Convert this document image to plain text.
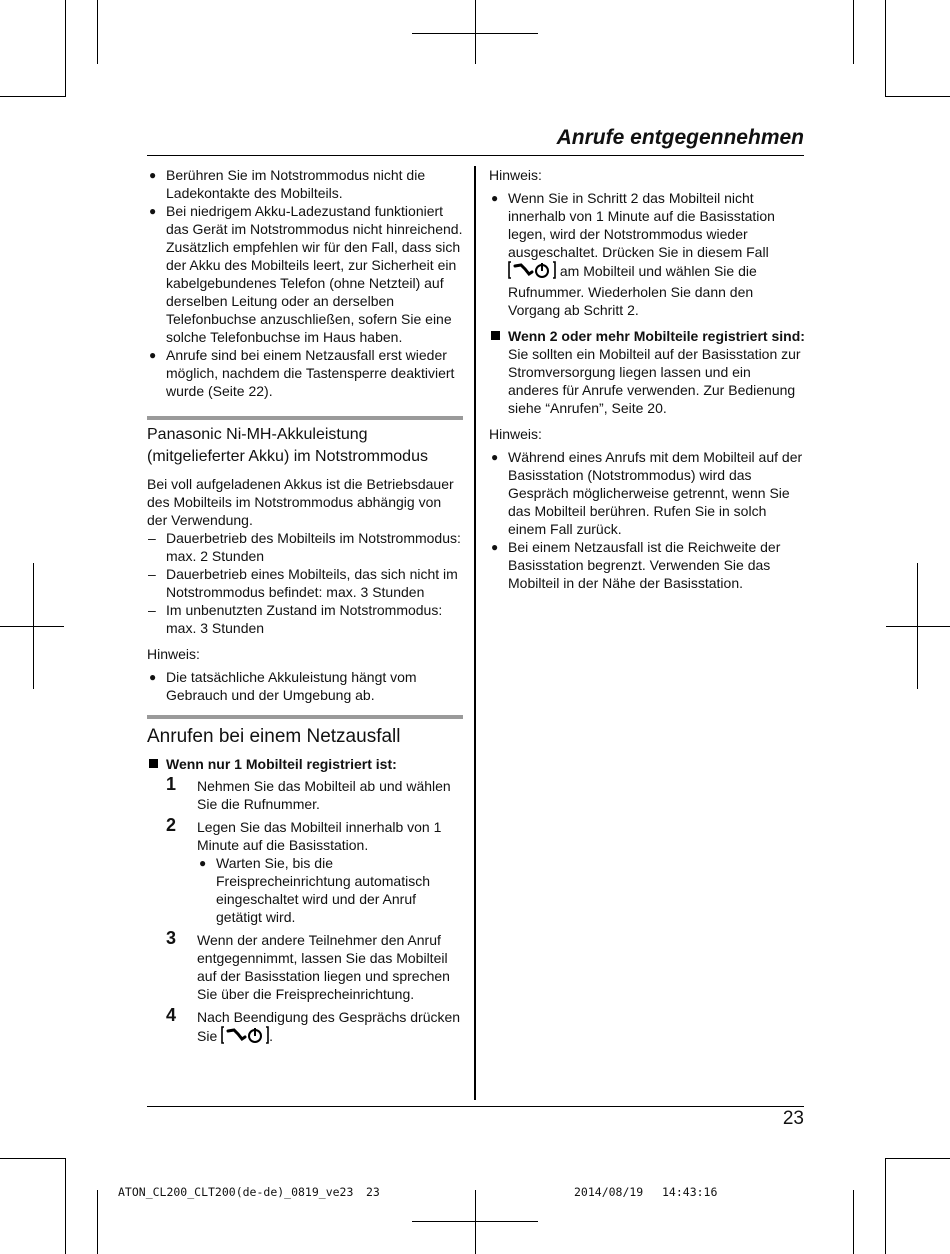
Anrufe entgegennehmen
● Berühren Sie im Notstrommodus nicht die Ladekontakte des Mobilteils.
● Bei niedrigem Akku-Ladezustand funktioniert das Gerät im Notstrommodus nicht hinreichend. Zusätzlich empfehlen wir für den Fall, dass sich der Akku des Mobilteils leert, zur Sicherheit ein kabelgebundenes Telefon (ohne Netzteil) auf derselben Leitung oder an derselben Telefonbuchse anzuschließen, sofern Sie eine solche Telefonbuchse im Haus haben.
● Anrufe sind bei einem Netzausfall erst wieder möglich, nachdem die Tastensperre deaktiviert wurde (Seite 22).
Panasonic Ni-MH-Akkuleistung (mitgelieferter Akku) im Notstrommodus
Bei voll aufgeladenen Akkus ist die Betriebsdauer des Mobilteils im Notstrommodus abhängig von der Verwendung.
– Dauerbetrieb des Mobilteils im Notstrommodus: max. 2 Stunden
– Dauerbetrieb eines Mobilteils, das sich nicht im Notstrommodus befindet: max. 3 Stunden
– Im unbenutzten Zustand im Notstrommodus: max. 3 Stunden
Hinweis:
● Die tatsächliche Akkuleistung hängt vom Gebrauch und der Umgebung ab.
Anrufen bei einem Netzausfall
Wenn nur 1 Mobilteil registriert ist:
1 Nehmen Sie das Mobilteil ab und wählen Sie die Rufnummer.
2 Legen Sie das Mobilteil innerhalb von 1 Minute auf die Basisstation.
● Warten Sie, bis die Freisprecheinrichtung automatisch eingeschaltet wird und der Anruf getätigt wird.
3 Wenn der andere Teilnehmer den Anruf entgegennimmt, lassen Sie das Mobilteil auf der Basisstation liegen und sprechen Sie über die Freisprecheinrichtung.
4 Nach Beendigung des Gesprächs drücken Sie	.
Hinweis:
● Wenn Sie in Schritt 2 das Mobilteil nicht innerhalb von 1 Minute auf die Basisstation legen, wird der Notstrommodus wieder ausgeschaltet. Drücken Sie in diesem Fall  am Mobilteil und wählen Sie die Rufnummer. Wiederholen Sie dann den Vorgang ab Schritt 2.
Wenn 2 oder mehr Mobilteile registriert sind:
Sie sollten ein Mobilteil auf der Basisstation zur Stromversorgung liegen lassen und ein anderes für Anrufe verwenden. Zur Bedienung siehe “Anrufen”, Seite 20.
Hinweis:
● Während eines Anrufs mit dem Mobilteil auf der Basisstation (Notstrommodus) wird das Gespräch möglicherweise getrennt, wenn Sie das Mobilteil berühren. Rufen Sie in solch einem Fall zurück.
● Bei einem Netzausfall ist die Reichweite der Basisstation begrenzt. Verwenden Sie das Mobilteil in der Nähe der Basisstation.
23
ATON_CL200_CLT200(de-de)_0819_ve23 23	2014/08/19 14:43:16
